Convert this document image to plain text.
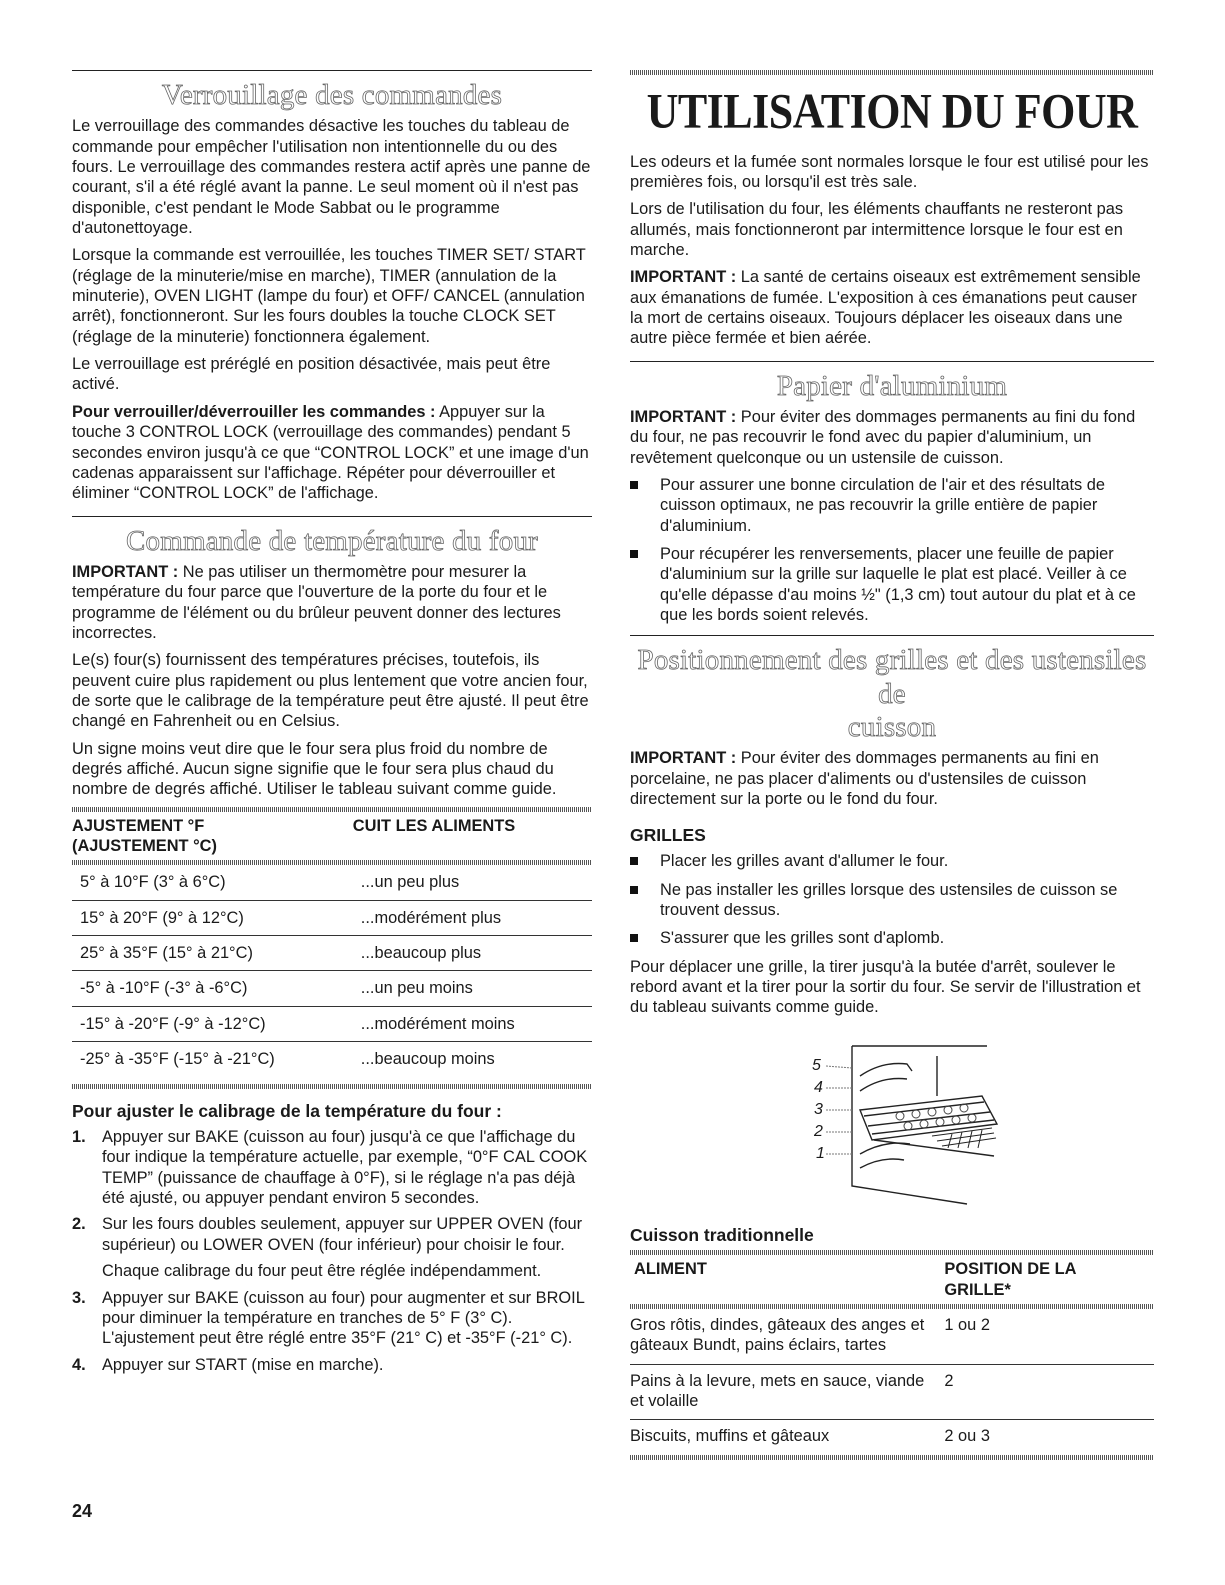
Verrouillage des commandes

Le verrouillage des commandes désactive les touches du tableau de commande pour empêcher l'utilisation non intentionnelle du ou des fours. Le verrouillage des commandes restera actif après une panne de courant, s'il a été réglé avant la panne. Le seul moment où il n'est pas disponible, c'est pendant le Mode Sabbat ou le programme d'autonettoyage.

Lorsque la commande est verrouillée, les touches TIMER SET/ START (réglage de la minuterie/mise en marche), TIMER (annulation de la minuterie), OVEN LIGHT (lampe du four) et OFF/ CANCEL (annulation arrêt), fonctionneront. Sur les fours doubles la touche CLOCK SET (réglage de la minuterie) fonctionnera également.

Le verrouillage est préréglé en position désactivée, mais peut être activé.

Pour verrouiller/déverrouiller les commandes : Appuyer sur la touche 3 CONTROL LOCK (verrouillage des commandes) pendant 5 secondes environ jusqu'à ce que “CONTROL LOCK” et une image d'un cadenas apparaissent sur l'affichage. Répéter pour déverrouiller et éliminer “CONTROL LOCK” de l'affichage.

Commande de température du four

IMPORTANT : Ne pas utiliser un thermomètre pour mesurer la température du four parce que l'ouverture de la porte du four et le programme de l'élément ou du brûleur peuvent donner des lectures incorrectes.

Le(s) four(s) fournissent des températures précises, toutefois, ils peuvent cuire plus rapidement ou plus lentement que votre ancien four, de sorte que le calibrage de la température peut être ajusté. Il peut être changé en Fahrenheit ou en Celsius.

Un signe moins veut dire que le four sera plus froid du nombre de degrés affiché. Aucun signe signifie que le four sera plus chaud du nombre de degrés affiché. Utiliser le tableau suivant comme guide.

AJUSTEMENT °F
(AJUSTEMENT °C)	CUIT LES ALIMENTS

5° à 10°F (3° à 6°C)	...un peu plus
15° à 20°F (9° à 12°C)	...modérément plus
25° à 35°F (15° à 21°C)	...beaucoup plus
-5° à -10°F (-3° à -6°C)	...un peu moins
-15° à -20°F (-9° à -12°C)	...modérément moins
-25° à -35°F (-15° à -21°C)	...beaucoup moins
Pour ajuster le calibrage de la température du four :
1. Appuyer sur BAKE (cuisson au four) jusqu'à ce que l'affichage du four indique la température actuelle, par exemple, “0°F CAL COOK TEMP” (puissance de chauffage à 0°F), si le réglage n'a pas déjà été ajusté, ou appuyer pendant environ 5 secondes.
2. Sur les fours doubles seulement, appuyer sur UPPER OVEN (four supérieur) ou LOWER OVEN (four inférieur) pour choisir le four.
Chaque calibrage du four peut être réglée indépendamment.
3. Appuyer sur BAKE (cuisson au four) pour augmenter et sur BROIL pour diminuer la température en tranches de 5° F (3° C). L'ajustement peut être réglé entre 35°F (21° C) et -35°F (-21° C).
4. Appuyer sur START (mise en marche).
UTILISATION DU FOUR

Les odeurs et la fumée sont normales lorsque le four est utilisé pour les premières fois, ou lorsqu'il est très sale.

Lors de l'utilisation du four, les éléments chauffants ne resteront pas allumés, mais fonctionneront par intermittence lorsque le four est en marche.

IMPORTANT : La santé de certains oiseaux est extrêmement sensible aux émanations de fumée. L'exposition à ces émanations peut causer la mort de certains oiseaux. Toujours déplacer les oiseaux dans une autre pièce fermée et bien aérée.

Papier d'aluminium

IMPORTANT : Pour éviter des dommages permanents au fini du fond du four, ne pas recouvrir le fond avec du papier d'aluminium, un revêtement quelconque ou un ustensile de cuisson.

Pour assurer une bonne circulation de l'air et des résultats de cuisson optimaux, ne pas recouvrir la grille entière de papier d'aluminium.
Pour récupérer les renversements, placer une feuille de papier d'aluminium sur la grille sur laquelle le plat est placé. Veiller à ce qu'elle dépasse d'au moins ½" (1,3 cm) tout autour du plat et à ce que les bords soient relevés.
Positionnement des grilles et des ustensiles de
cuisson

IMPORTANT : Pour éviter des dommages permanents au fini en porcelaine, ne pas placer d'aliments ou d'ustensiles de cuisson directement sur la porte ou le fond du four.

GRILLES
Placer les grilles avant d'allumer le four.
Ne pas installer les grilles lorsque des ustensiles de cuisson se trouvent dessus.
S'assurer que les grilles sont d'aplomb.

Pour déplacer une grille, la tirer jusqu'à la butée d'arrêt, soulever le rebord avant et la tirer pour la sortir du four. Se servir de l'illustration et du tableau suivants comme guide.

5
4
3
2
1
Cuisson traditionnelle
ALIMENT	POSITION DE LA
GRILLE*

Gros rôtis, dindes, gâteaux des anges et gâteaux Bundt, pains éclairs, tartes	1 ou 2
Pains à la levure, mets en sauce, viande et volaille	2
Biscuits, muffins et gâteaux	2 ou 3
24
